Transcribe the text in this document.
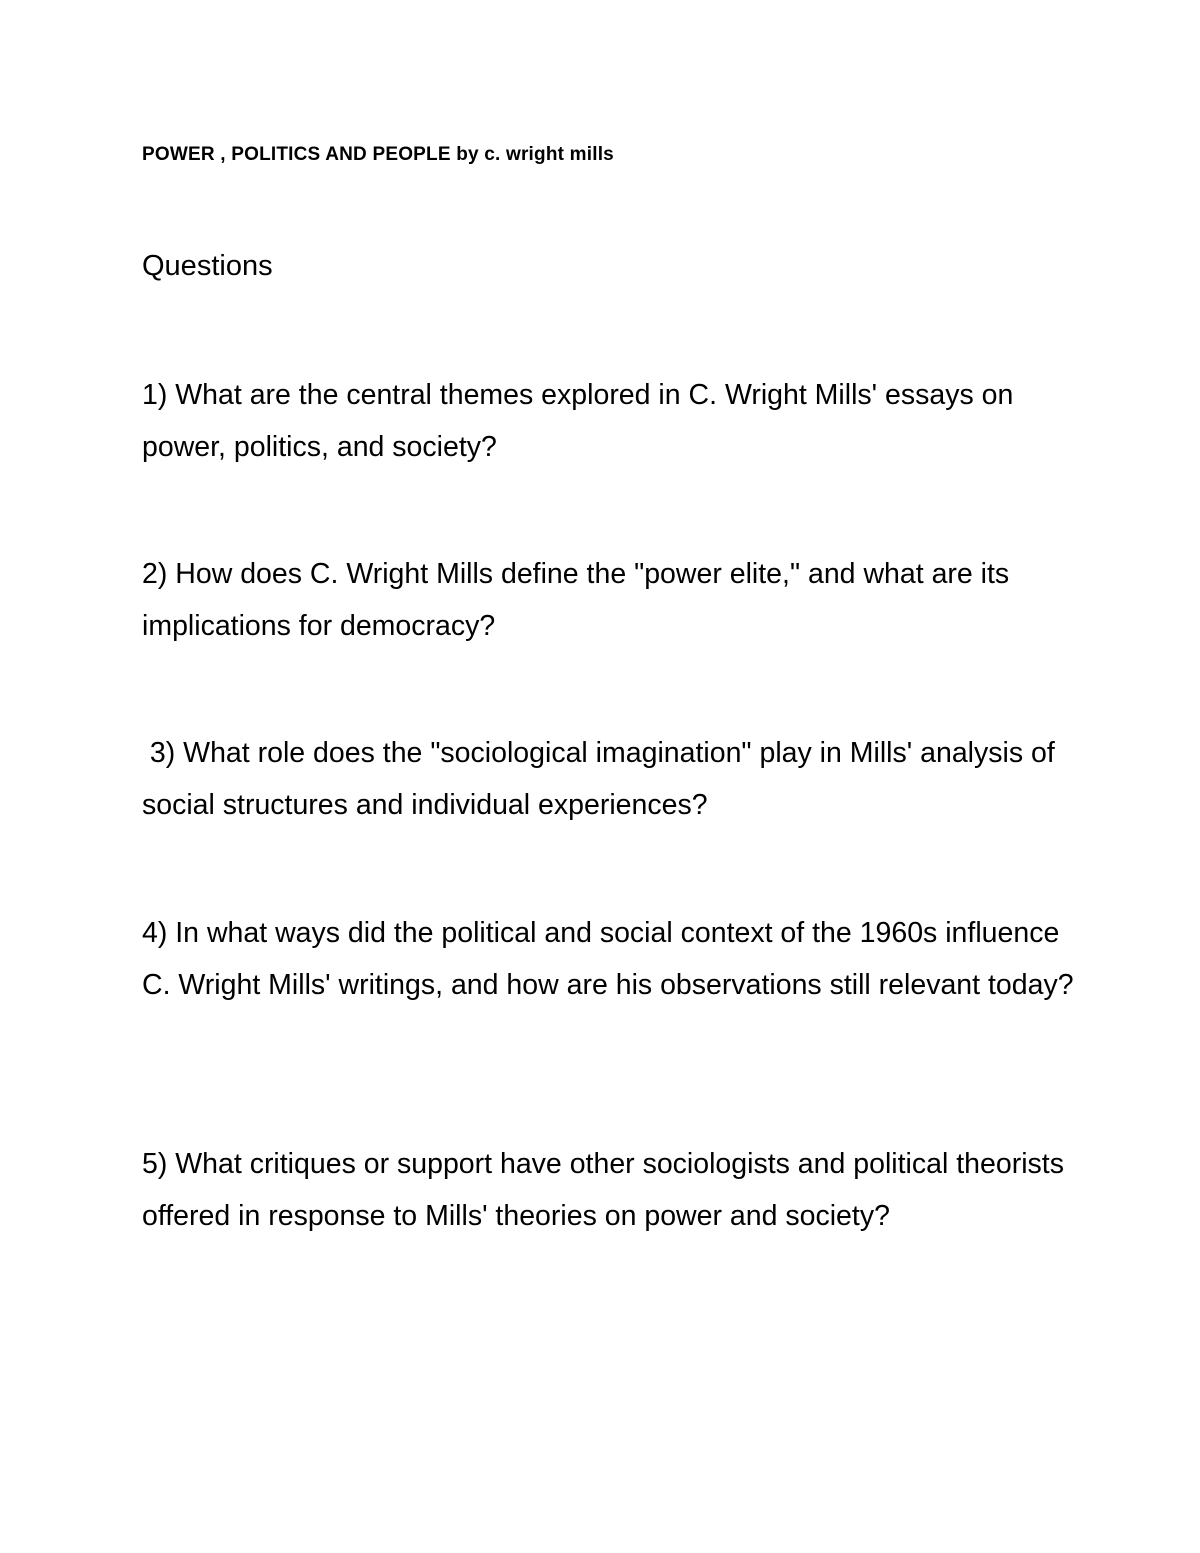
POWER , POLITICS AND PEOPLE by c. wright mills
Questions

1) What are the central themes explored in C. Wright Mills' essays on power, politics, and society?

2) How does C. Wright Mills define the "power elite," and what are its implications for democracy?

3) What role does the "sociological imagination" play in Mills' analysis of social structures and individual experiences?

4) In what ways did the political and social context of the 1960s influence C. Wright Mills' writings, and how are his observations still relevant today?

5) What critiques or support have other sociologists and political theorists offered in response to Mills' theories on power and society?
